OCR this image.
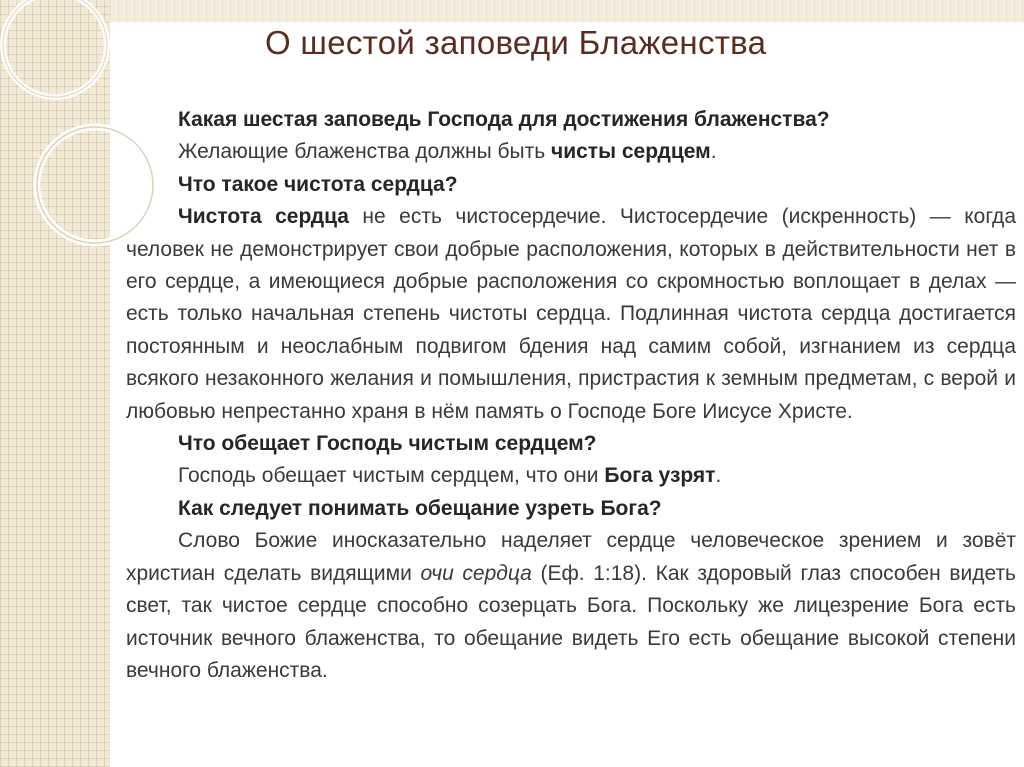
О шестой заповеди Блаженства

Какая шестая заповедь Господа для достижения блаженства?

Желающие блаженства должны быть чисты сердцем.

Что такое чистота сердца?

Чистота сердца не есть чистосердечие. Чистосердечие (искренность) — когда человек не демонстрирует свои добрые расположения, которых в действительности нет в его сердце, а имеющиеся добрые расположения со скромностью воплощает в делах — есть только начальная степень чистоты сердца. Подлинная чистота сердца достигается постоянным и неослабным подвигом бдения над самим собой, изгнанием из сердца всякого незаконного желания и помышления, пристрастия к земным предметам, с верой и любовью непрестанно храня в нём память о Господе Боге Иисусе Христе.

Что обещает Господь чистым сердцем?

Господь обещает чистым сердцем, что они Бога узрят.

Как следует понимать обещание узреть Бога?

Слово Божие иносказательно наделяет сердце человеческое зрением и зовёт христиан сделать видящими очи сердца (Еф. 1:18). Как здоровый глаз способен видеть свет, так чистое сердце способно созерцать Бога. Поскольку же лицезрение Бога есть источник вечного блаженства, то обещание видеть Его есть обещание высокой степени вечного блаженства.
